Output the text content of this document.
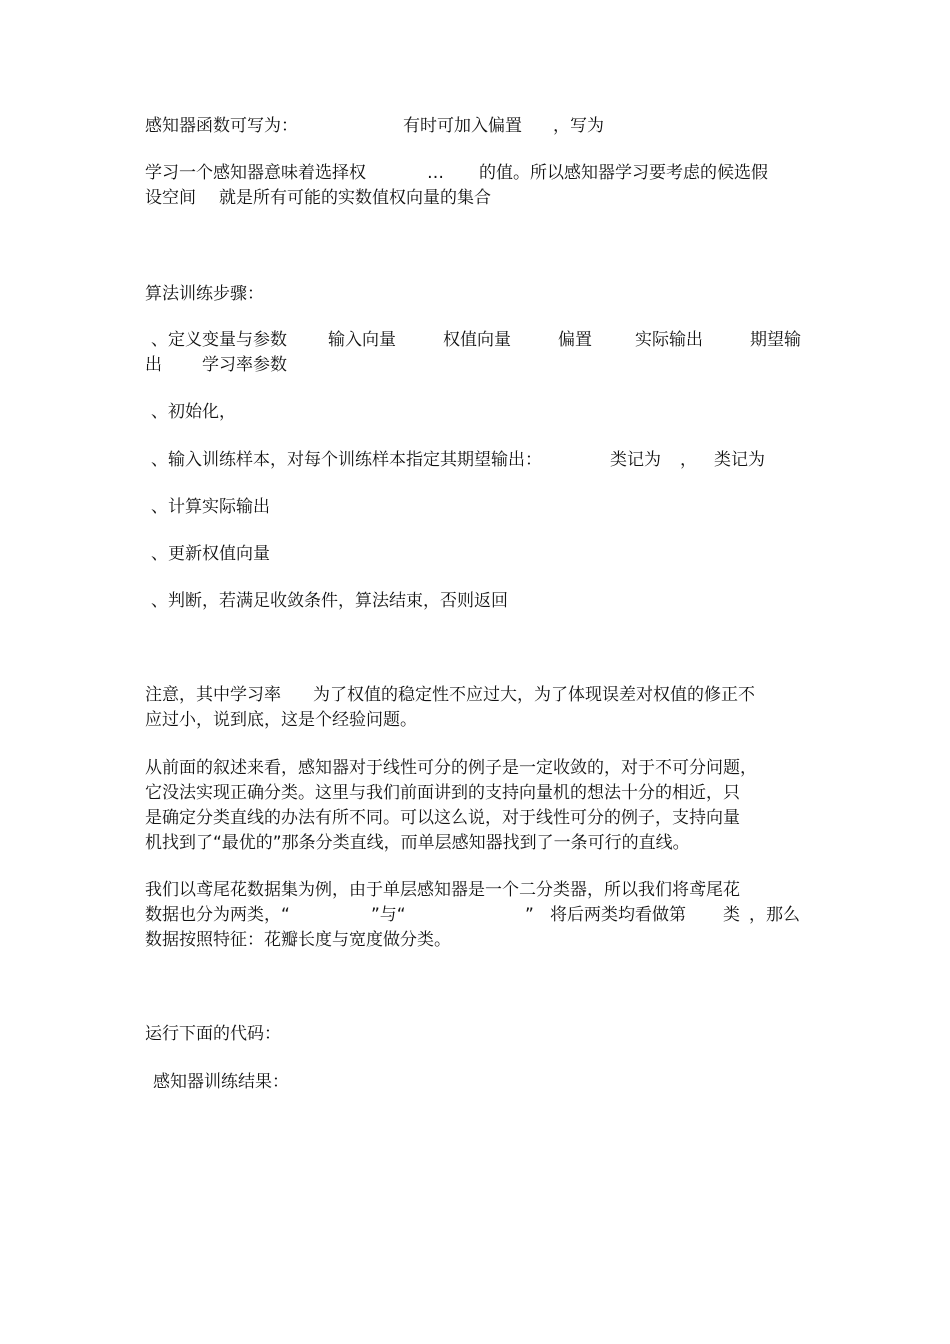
感知器函数可写为：	有时可加入偏置 ，写为
学习一个感知器意味着选择权	… 的值。所以感知器学习要考虑的候选假
设空间 就是所有可能的实数值权向量的集合
算法训练步骤：
、定义变量与参数 输入向量	权值向量	偏置	实际输出	期望输
出 学习率参数
、初始化，
、输入训练样本，对每个训练样本指定其期望输出：	类记为 ， 类记为
、计算实际输出
、更新权值向量
、判断，若满足收敛条件，算法结束，否则返回
注意，其中学习率 为了权值的稳定性不应过大，为了体现误差对权值的修正不
应过小，说到底，这是个经验问题。
从前面的叙述来看，感知器对于线性可分的例子是一定收敛的，对于不可分问题，
它没法实现正确分类。这里与我们前面讲到的支持向量机的想法十分的相近，只
是确定分类直线的办法有所不同。可以这么说，对于线性可分的例子，支持向量
机找到了“最优的”那条分类直线，而单层感知器找到了一条可行的直线。
我们以鸢尾花数据集为例，由于单层感知器是一个二分类器，所以我们将鸢尾花
数据也分为两类，“	”与“	” 将后两类均看做第 类 ，那么
数据按照特征：花瓣长度与宽度做分类。
运行下面的代码：
感知器训练结果：
